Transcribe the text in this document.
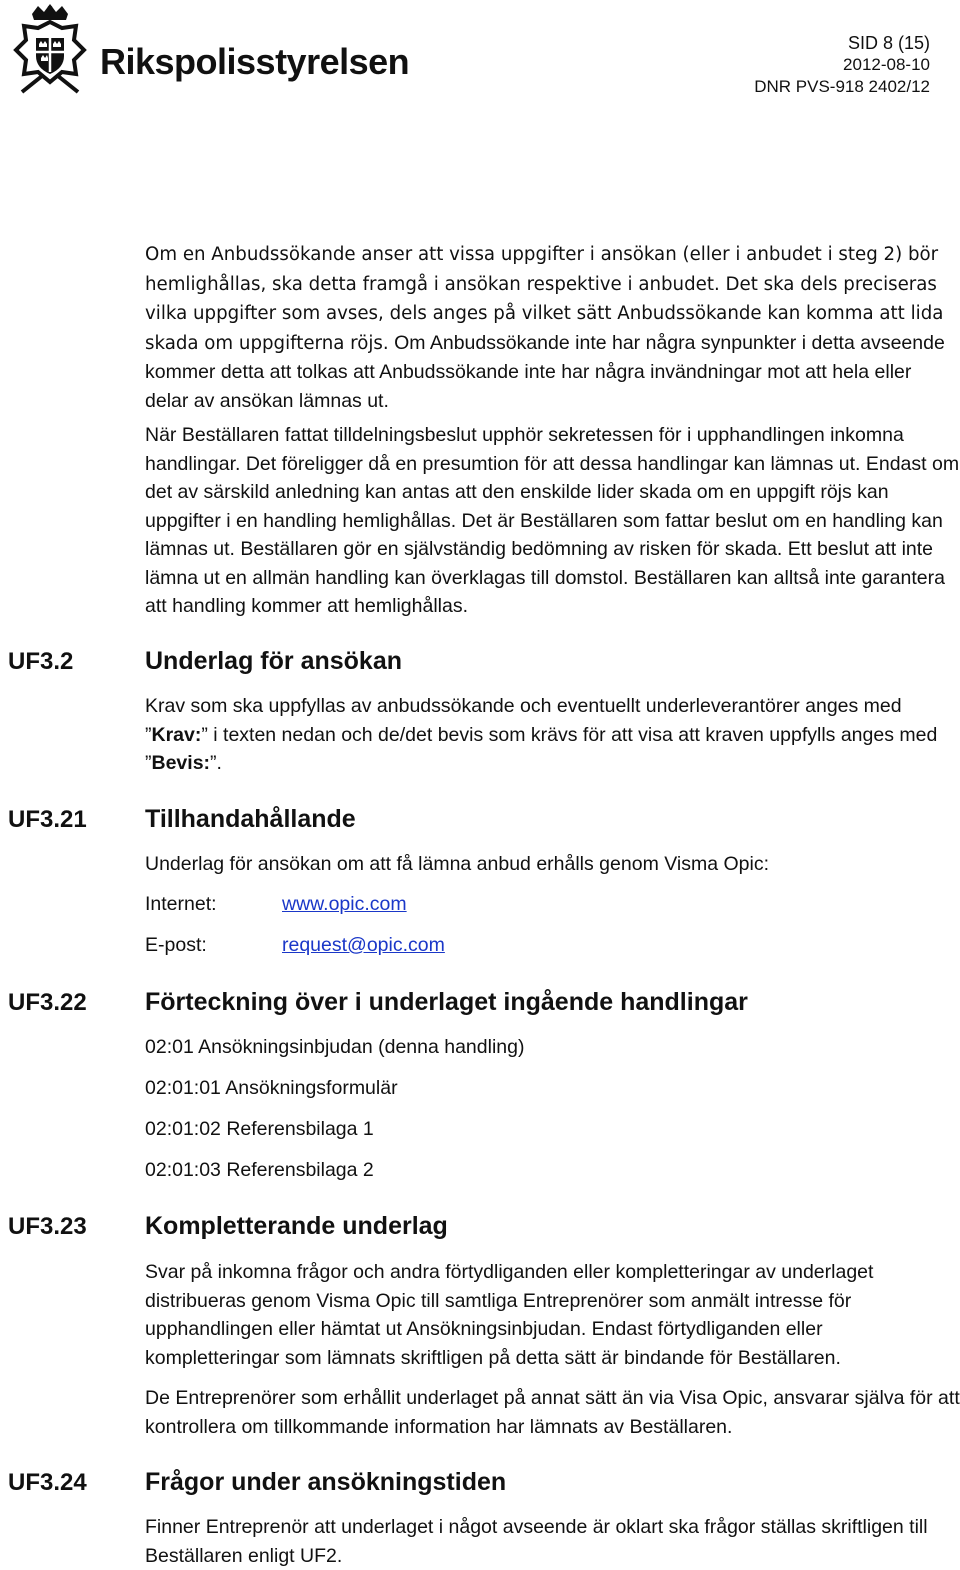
Rikspolisstyrelsen	SID 8 (15)
2012-08-10
DNR PVS-918 2402/12

Om en Anbudssökande anser att vissa uppgifter i ansökan (eller i anbudet i steg 2) bör hemlighållas, ska detta framgå i ansökan respektive i anbudet. Det ska dels preciseras vilka uppgifter som avses, dels anges på vilket sätt Anbudssökande kan komma att lida skada om uppgifterna röjs. Om Anbudssökande inte har några synpunkter i detta avseende kommer detta att tolkas att Anbudssökande inte har några invändningar mot att hela eller delar av ansökan lämnas ut.

När Beställaren fattat tilldelningsbeslut upphör sekretessen för i upphandlingen inkomna handlingar. Det föreligger då en presumtion för att dessa handlingar kan lämnas ut. Endast om det av särskild anledning kan antas att den enskilde lider skada om en uppgift röjs kan uppgifter i en handling hemlighållas. Det är Beställaren som fattar beslut om en handling kan lämnas ut. Beställaren gör en självständig bedömning av risken för skada. Ett beslut att inte lämna ut en allmän handling kan överklagas till domstol. Beställaren kan alltså inte garantera att handling kommer att hemlighållas.

UF3.2	Underlag för ansökan

Krav som ska uppfyllas av anbudssökande och eventuellt underleverantörer anges med ”Krav:” i texten nedan och de/det bevis som krävs för att visa att kraven uppfylls anges med ”Bevis:”.

UF3.21 Tillhandahållande

Underlag för ansökan om att få lämna anbud erhålls genom Visma Opic:

Internet:	www.opic.com
E-post:	request@opic.com
UF3.22 Förteckning över i underlaget ingående handlingar
02:01 Ansökningsinbjudan (denna handling)
02:01:01 Ansökningsformulär
02:01:02 Referensbilaga 1
02:01:03 Referensbilaga 2
UF3.23 Kompletterande underlag

Svar på inkomna frågor och andra förtydliganden eller kompletteringar av underlaget distribueras genom Visma Opic till samtliga Entreprenörer som anmält intresse för upphandlingen eller hämtat ut Ansökningsinbjudan. Endast förtydliganden eller kompletteringar som lämnats skriftligen på detta sätt är bindande för Beställaren.

De Entreprenörer som erhållit underlaget på annat sätt än via Visa Opic, ansvarar själva för att kontrollera om tillkommande information har lämnats av Beställaren.

UF3.24 Frågor under ansökningstiden

Finner Entreprenör att underlaget i något avseende är oklart ska frågor ställas skriftligen till Beställaren enligt UF2.
